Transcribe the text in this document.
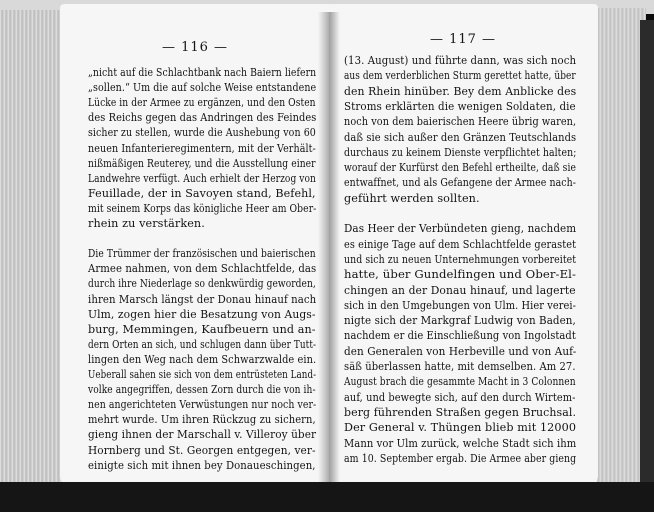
— 116 —
„nicht auf die Schlachtbank nach Baiern liefern
„sollen.“ Um die auf solche Weise entstandene
Lücke in der Armee zu ergänzen, und den Osten
des Reichs gegen das Andringen des Feindes
sicher zu stellen, wurde die Aushebung von 60
neuen Infanterieregimentern, mit der Verhält-
nißmäßigen Reuterey, und die Ausstellung einer
Landwehre verfügt. Auch erhielt der Herzog von
Feuillade, der in Savoyen stand, Befehl,
mit seinem Korps das königliche Heer am Ober-
rhein zu verstärken.
Die Trümmer der französischen und baierischen
Armee nahmen, von dem Schlachtfelde, das
durch ihre Niederlage so denkwürdig geworden,
ihren Marsch längst der Donau hinauf nach
Ulm, zogen hier die Besatzung von Augs-
burg, Memmingen, Kaufbeuern und an-
dern Orten an sich, und schlugen dann über Tutt-
lingen den Weg nach dem Schwarzwalde ein.
Ueberall sahen sie sich von dem entrüsteten Land-
volke angegriffen, dessen Zorn durch die von ih-
nen angerichteten Verwüstungen nur noch ver-
mehrt wurde. Um ihren Rückzug zu sichern,
gieng ihnen der Marschall v. Villeroy über
Hornberg und St. Georgen entgegen, ver-
einigte sich mit ihnen bey Donaueschingen,
— 117 —
(13. August) und führte dann, was sich noch
aus dem verderblichen Sturm gerettet hatte, über
den Rhein hinüber. Bey dem Anblicke des
Stroms erklärten die wenigen Soldaten, die
noch von dem baierischen Heere übrig waren,
daß sie sich außer den Gränzen Teutschlands
durchaus zu keinem Dienste verpflichtet halten;
worauf der Kurfürst den Befehl ertheilte, daß sie
entwaffnet, und als Gefangene der Armee nach-
geführt werden sollten.
Das Heer der Verbündeten gieng, nachdem
es einige Tage auf dem Schlachtfelde gerastet
und sich zu neuen Unternehmungen vorbereitet
hatte, über Gundelfingen und Ober-El-
chingen an der Donau hinauf, und lagerte
sich in den Umgebungen von Ulm. Hier verei-
nigte sich der Markgraf Ludwig von Baden,
nachdem er die Einschließung von Ingolstadt
den Generalen von Herbeville und von Auf-
säß überlassen hatte, mit demselben. Am 27.
August brach die gesammte Macht in 3 Colonnen
auf, und bewegte sich, auf den durch Wirtem-
berg führenden Straßen gegen Bruchsal.
Der General v. Thüngen blieb mit 12000
Mann vor Ulm zurück, welche Stadt sich ihm
am 10. September ergab. Die Armee aber gieng
